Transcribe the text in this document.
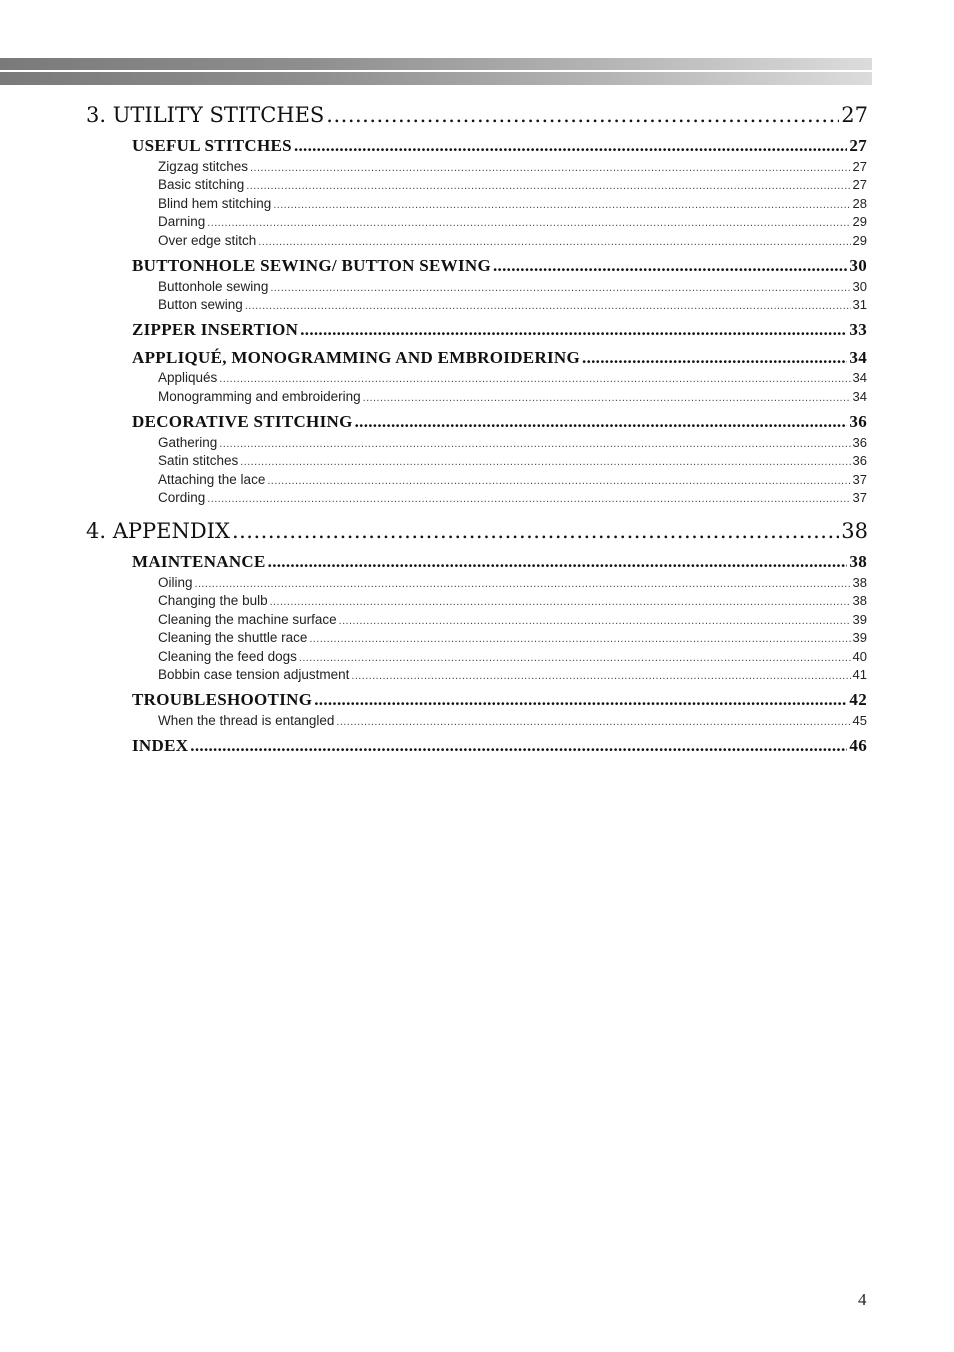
3. UTILITY STITCHES .....	27
USEFUL STITCHES .....	27
Zigzag stitches .....	27
Basic stitching .....	27
Blind hem stitching .....	28
Darning .....	29
Over edge stitch .....	29
BUTTONHOLE SEWING/ BUTTON SEWING .....	30
Buttonhole sewing .....	30
Button sewing .....	31
ZIPPER INSERTION .....	33
APPLIQUÉ, MONOGRAMMING AND EMBROIDERING .....	34
Appliqués .....	34
Monogramming and embroidering .....	34
DECORATIVE STITCHING .....	36
Gathering .....	36
Satin stitches .....	36
Attaching the lace .....	37
Cording .....	37
4. APPENDIX .....	38
MAINTENANCE .....	38
Oiling .....	38
Changing the bulb .....	38
Cleaning the machine surface .....	39
Cleaning the shuttle race .....	39
Cleaning the feed dogs .....	40
Bobbin case tension adjustment .....	41
TROUBLESHOOTING .....	42
When the thread is entangled .....	45
INDEX .....	46
4
